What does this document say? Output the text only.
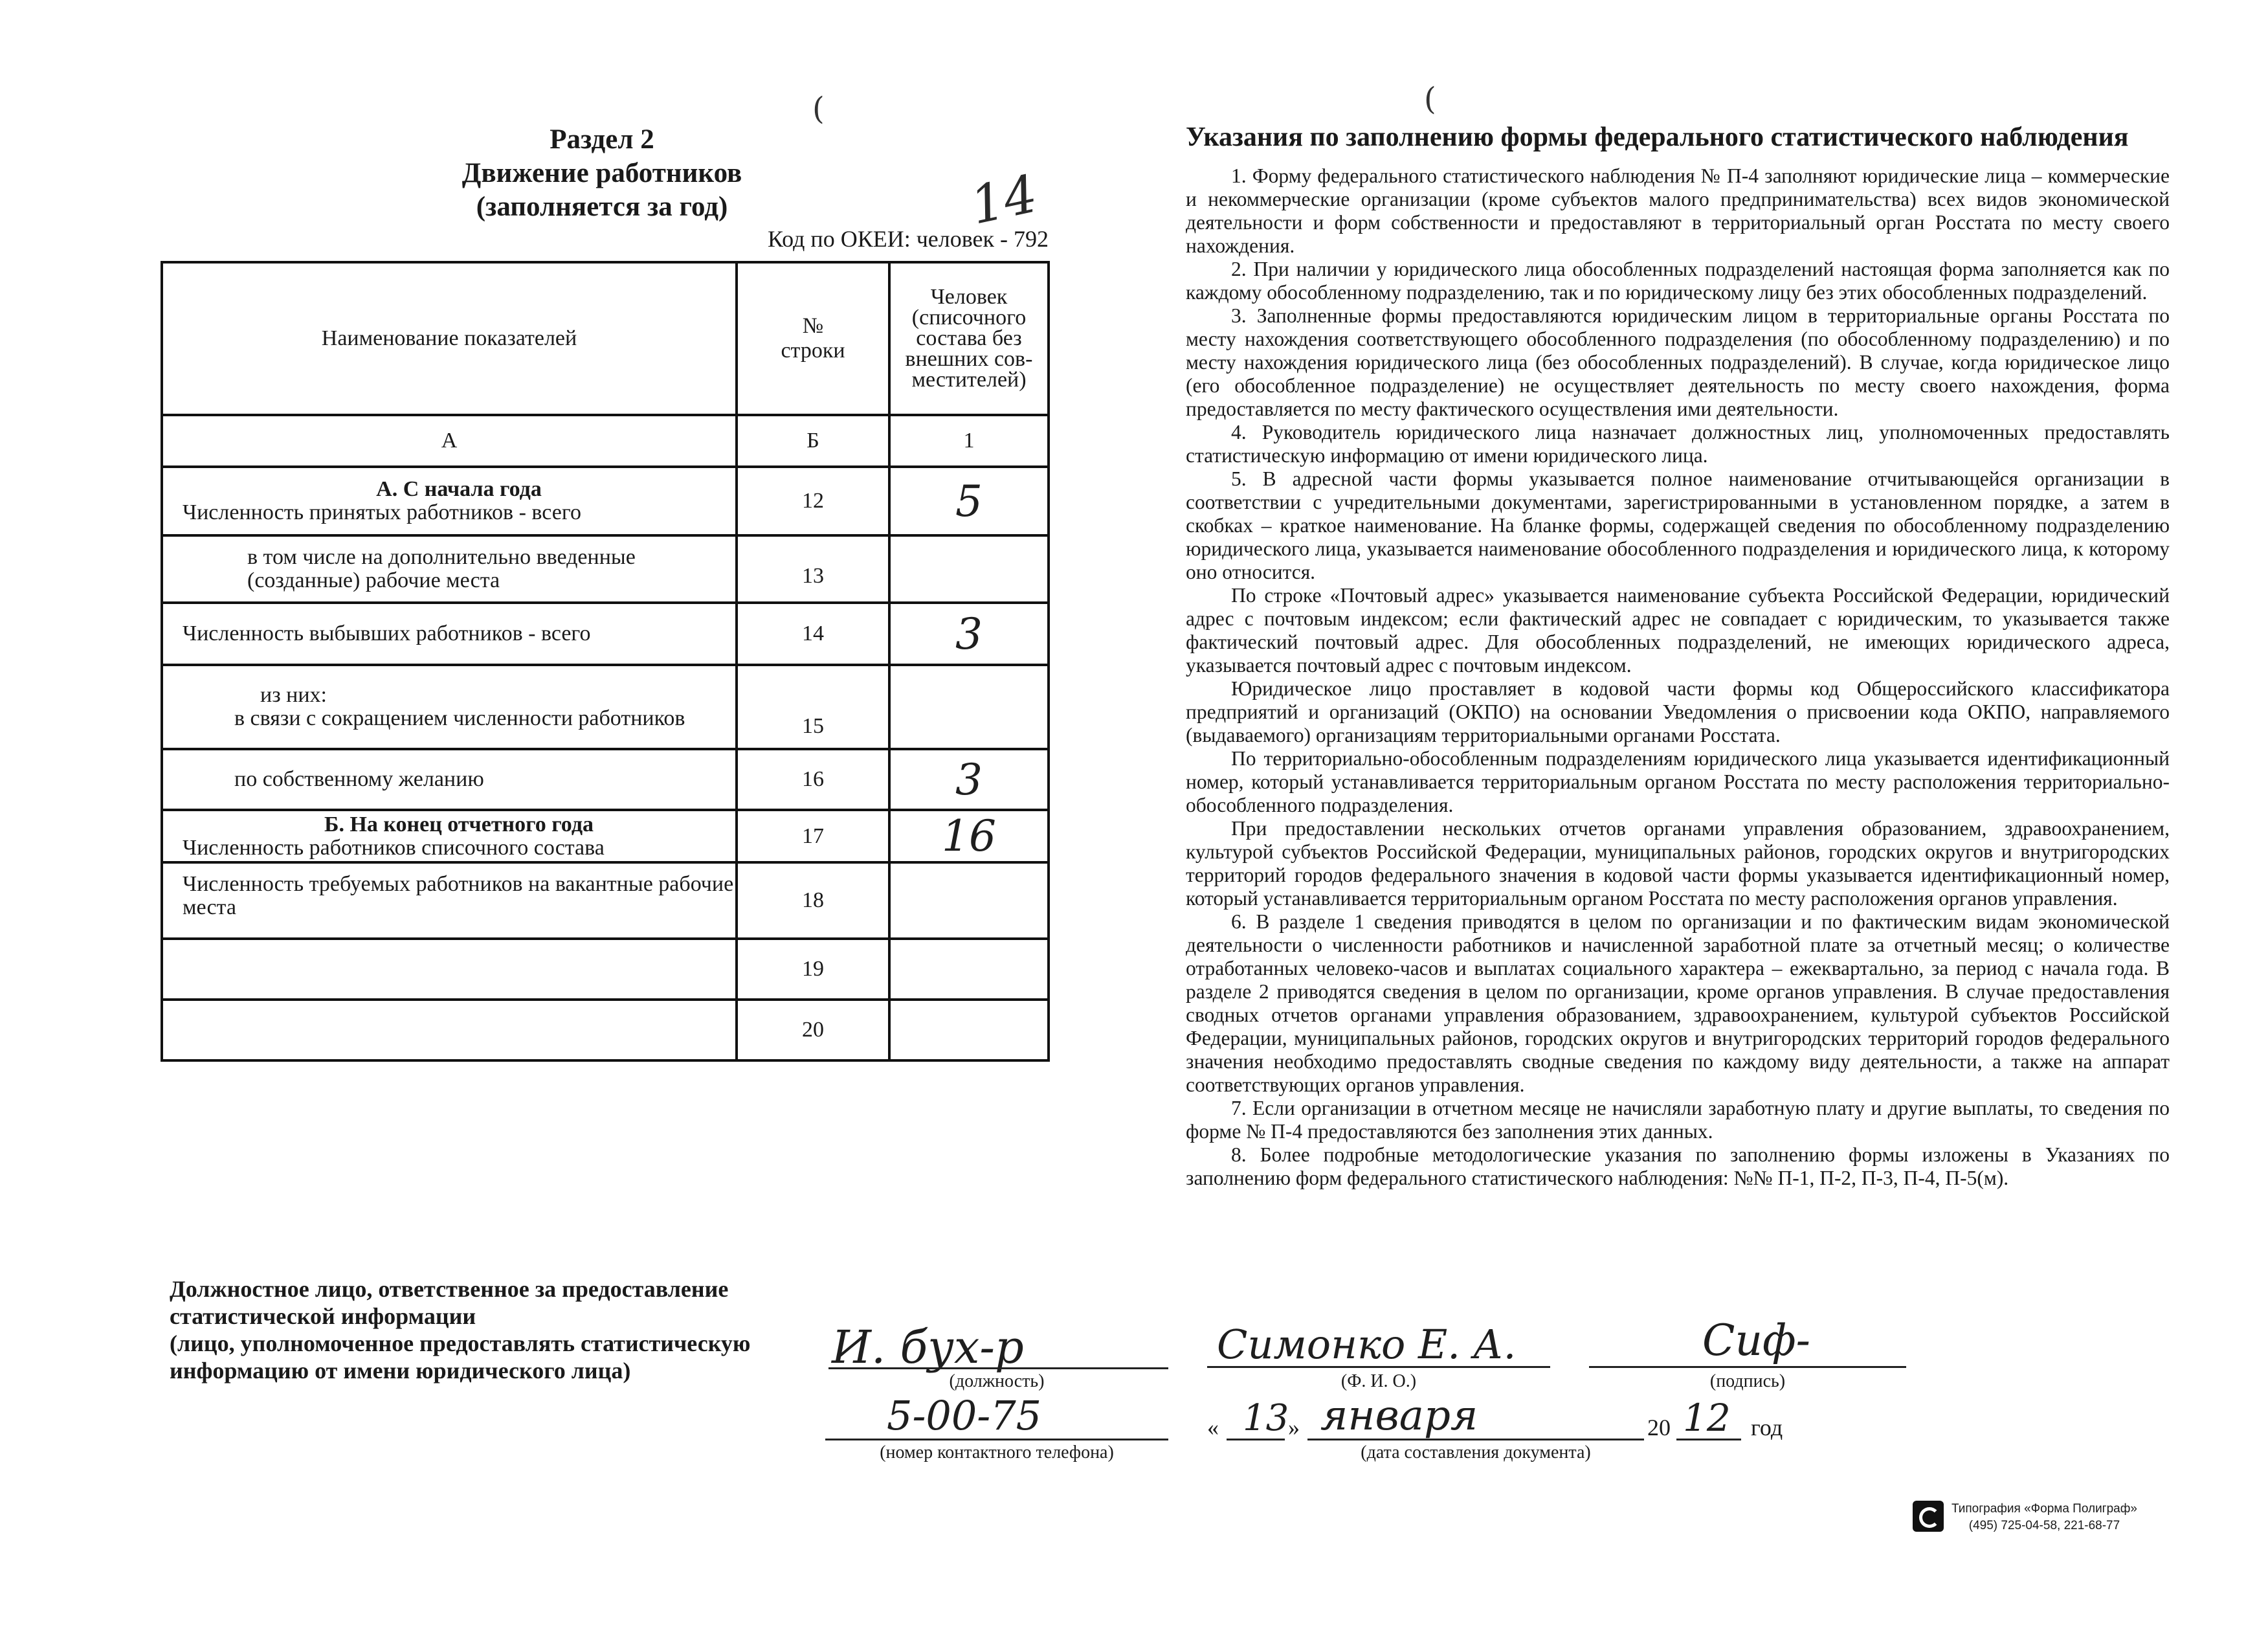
(	(
Раздел 2
Движение работников
(заполняется за год)	14
Код по ОКЕИ: человек - 792
Наименование показателей	№ строки	Человек (списочного состава без внешних сов-местителей)
А	Б	1

А. С начала года
Численность принятых работников - всего	12	5

в том числе на дополнительно введенные (созданные) рабочие места	13	
Численность выбывших работников - всего	14	3

из них:
в связи с сокращением численности работников	15	

по собственному желанию	16	3

Б. На конец отчетного года
Численность работников списочного состава	17	16
Численность требуемых работников на вакантные рабочие места	18	
	19	
	20	
Указания по заполнению формы федерального статистического наблюдения

1. Форму федерального статистического наблюдения № П-4 заполняют юридические лица – коммерческие и некоммерческие организации (кроме субъектов малого предпринимательства) всех видов экономической деятельности и форм собственности и предоставляют в территориальный орган Росстата по месту своего нахождения.

2. При наличии у юридического лица обособленных подразделений настоящая форма заполняется как по каждому обособленному подразделению, так и по юридическому лицу без этих обособленных подразделений.

3. Заполненные формы предоставляются юридическим лицом в территориальные органы Росстата по месту нахождения соответствующего обособленного подразделения (по обособленному подразделению) и по месту нахождения юридического лица (без обособленных подразделений). В случае, когда юридическое лицо (его обособленное подразделение) не осуществляет деятельность по месту своего нахождения, форма предоставляется по месту фактического осуществления ими деятельности.

4. Руководитель юридического лица назначает должностных лиц, уполномоченных предоставлять статистическую информацию от имени юридического лица.

5. В адресной части формы указывается полное наименование отчитывающейся организации в соответствии с учредительными документами, зарегистрированными в установленном порядке, а затем в скобках – краткое наименование. На бланке формы, содержащей сведения по обособленному подразделению юридического лица, указывается наименование обособленного подразделения и юридического лица, к которому оно относится.

По строке «Почтовый адрес» указывается наименование субъекта Российской Федерации, юридический адрес с почтовым индексом; если фактический адрес не совпадает с юридическим, то указывается также фактический почтовый адрес. Для обособленных подразделений, не имеющих юридического адреса, указывается почтовый адрес с почтовым индексом.

Юридическое лицо проставляет в кодовой части формы код Общероссийского классификатора предприятий и организаций (ОКПО) на основании Уведомления о присвоении кода ОКПО, направляемого (выдаваемого) организациям территориальными органами Росстата.

По территориально-обособленным подразделениям юридического лица указывается идентификационный номер, который устанавливается территориальным органом Росстата по месту расположения территориально-обособленного подразделения.

При предоставлении нескольких отчетов органами управления образованием, здравоохранением, культурой субъектов Российской Федерации, муниципальных районов, городских округов и внутригородских территорий городов федерального значения в кодовой части формы указывается идентификационный номер, который устанавливается территориальным органом Росстата по месту расположения органов управления.

6. В разделе 1 сведения приводятся в целом по организации и по фактическим видам экономической деятельности о численности работников и начисленной заработной плате за отчетный месяц; о количестве отработанных человеко-часов и выплатах социального характера – ежеквартально, за период с начала года. В разделе 2 приводятся сведения в целом по организации, кроме органов управления. В случае предоставления сводных отчетов органами управления образованием, здравоохранением, культурой субъектов Российской Федерации, муниципальных районов, городских округов и внутригородских территорий городов федерального значения необходимо предоставлять сводные сведения по каждому виду деятельности, а также на аппарат соответствующих органов управления.

7. Если организации в отчетном месяце не начисляли заработную плату и другие выплаты, то сведения по форме № П-4 предоставляются без заполнения этих данных.

8. Более подробные методологические указания по заполнению формы изложены в Указаниях по заполнению форм федерального статистического наблюдения: №№ П-1, П-2, П-3, П-4, П-5(м).

Должностное лицо, ответственное за предоставление
статистической информации
(лицо, уполномоченное предоставлять статистическую
информацию от имени юридического лица)	И. бух-р
(должность)
Симонко Е. А.
(Ф. И. О.)
Сиф-
(подпись)
5-00-75
(номер контактного телефона)
« 13
» января	20 12 год
(дата составления документа)
Типография «Форма Полиграф»
(495) 725-04-58, 221-68-77
